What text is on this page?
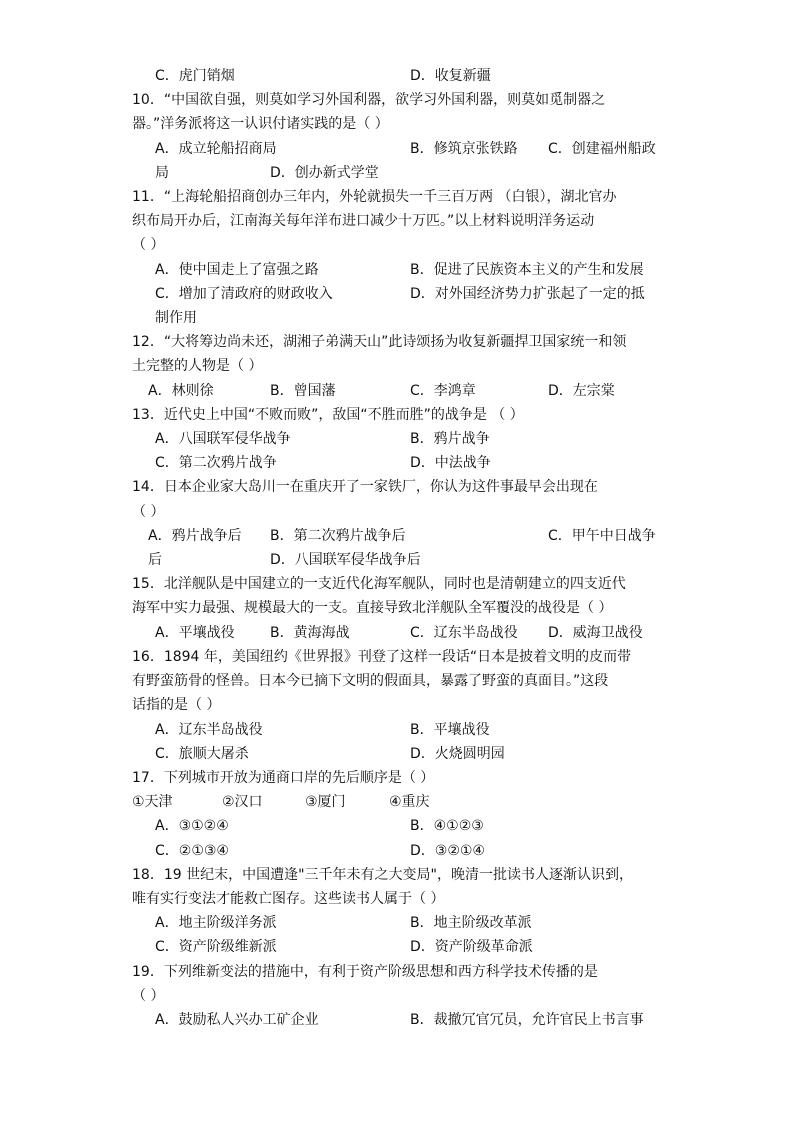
C．虎门销烟	D．收复新疆
10．“中国欲自强，则莫如学习外国利器，欲学习外国利器，则莫如觅制器之
器。”洋务派将这一认识付诸实践的是（ ）
A．成立轮船招商局	B．修筑京张铁路 C．创建福州船政
局	D．创办新式学堂
11．“上海轮船招商创办三年内，外轮就损失一千三百万两 （白银），湖北官办
织布局开办后，江南海关每年洋布进口减少十万匹。”以上材料说明洋务运动
（ ）
A．使中国走上了富强之路	B．促进了民族资本主义的产生和发展
C．增加了清政府的财政收入	D．对外国经济势力扩张起了一定的抵
制作用
12．“大将筹边尚未还，湖湘子弟满天山”此诗颂扬为收复新疆捍卫国家统一和领
土完整的人物是（ ）
A．林则徐	B．曾国藩	C．李鸿章	D．左宗棠
13．近代史上中国“不败而败”，敌国“不胜而胜”的战争是 （ ）
A．八国联军侵华战争	B．鸦片战争
C．第二次鸦片战争	D．中法战争
14．日本企业家大岛川一在重庆开了一家铁厂，你认为这件事最早会出现在
（ ）
A．鸦片战争后 B．第二次鸦片战争后	C．甲午中日战争
后	D．八国联军侵华战争后
15．北洋舰队是中国建立的一支近代化海军舰队，同时也是清朝建立的四支近代
海军中实力最强、规模最大的一支。直接导致北洋舰队全军覆没的战役是（ ）
A．平壤战役	B．黄海海战	C．辽东半岛战役 D．威海卫战役
16．1894 年，美国纽约《世界报》刊登了这样一段话“日本是披着文明的皮而带
有野蛮筋骨的怪兽。日本今已摘下文明的假面具，暴露了野蛮的真面目。”这段
话指的是（ ）
A．辽东半岛战役	B．平壤战役
C．旅顺大屠杀	D．火烧圆明园
17．下列城市开放为通商口岸的先后顺序是（ ）
①天津	②汉口	③厦门	④重庆
A．③①②④	B．④①②③
C．②①③④	D．③②①④
18．19 世纪末，中国遭逢"三千年未有之大变局"，晚清一批读书人逐渐认识到，
唯有实行变法才能救亡图存。这些读书人属于（ ）
A．地主阶级洋务派	B．地主阶级改革派
C．资产阶级维新派	D．资产阶级革命派
19．下列维新变法的措施中，有利于资产阶级思想和西方科学技术传播的是
（ ）
A．鼓励私人兴办工矿企业	B．裁撤冗官冗员，允许官民上书言事
